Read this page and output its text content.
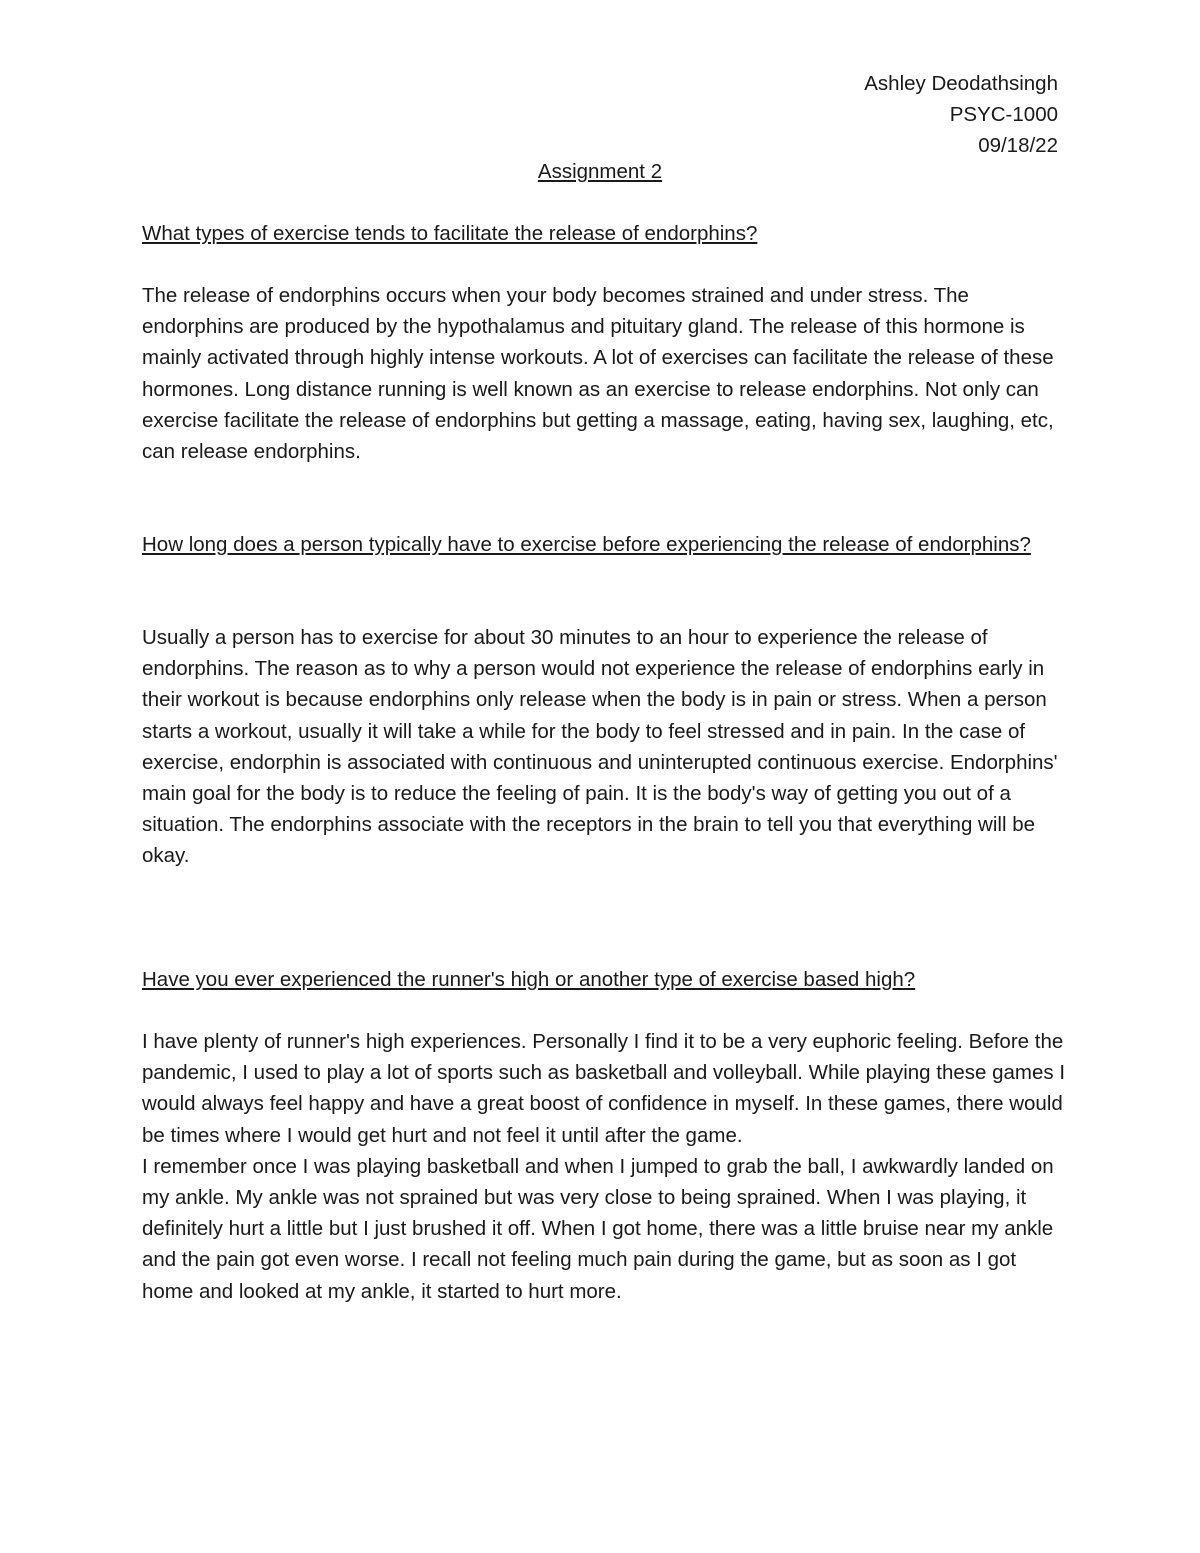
Ashley Deodathsingh
PSYC-1000
09/18/22
Assignment 2

What types of exercise tends to facilitate the release of endorphins?

The release of endorphins occurs when your body becomes strained and under stress. The endorphins are produced by the hypothalamus and pituitary gland. The release of this hormone is mainly activated through highly intense workouts. A lot of exercises can facilitate the release of these hormones. Long distance running is well known as an exercise to release endorphins. Not only can exercise facilitate the release of endorphins but getting a massage, eating, having sex, laughing, etc, can release endorphins.

How long does a person typically have to exercise before experiencing the release of endorphins?

Usually a person has to exercise for about 30 minutes to an hour to experience the release of endorphins. The reason as to why a person would not experience the release of endorphins early in their workout is because endorphins only release when the body is in pain or stress. When a person starts a workout, usually it will take a while for the body to feel stressed and in pain. In the case of exercise, endorphin is associated with continuous and uninterupted continuous exercise. Endorphins' main goal for the body is to reduce the feeling of pain. It is the body's way of getting you out of a situation. The endorphins associate with the receptors in the brain to tell you that everything will be okay.

Have you ever experienced the runner's high or another type of exercise based high?

I have plenty of runner's high experiences. Personally I find it to be a very euphoric feeling. Before the pandemic, I used to play a lot of sports such as basketball and volleyball. While playing these games I would always feel happy and have a great boost of confidence in myself. In these games, there would be times where I would get hurt and not feel it until after the game.
I remember once I was playing basketball and when I jumped to grab the ball, I awkwardly landed on my ankle. My ankle was not sprained but was very close to being sprained. When I was playing, it definitely hurt a little but I just brushed it off. When I got home, there was a little bruise near my ankle and the pain got even worse. I recall not feeling much pain during the game, but as soon as I got home and looked at my ankle, it started to hurt more.
